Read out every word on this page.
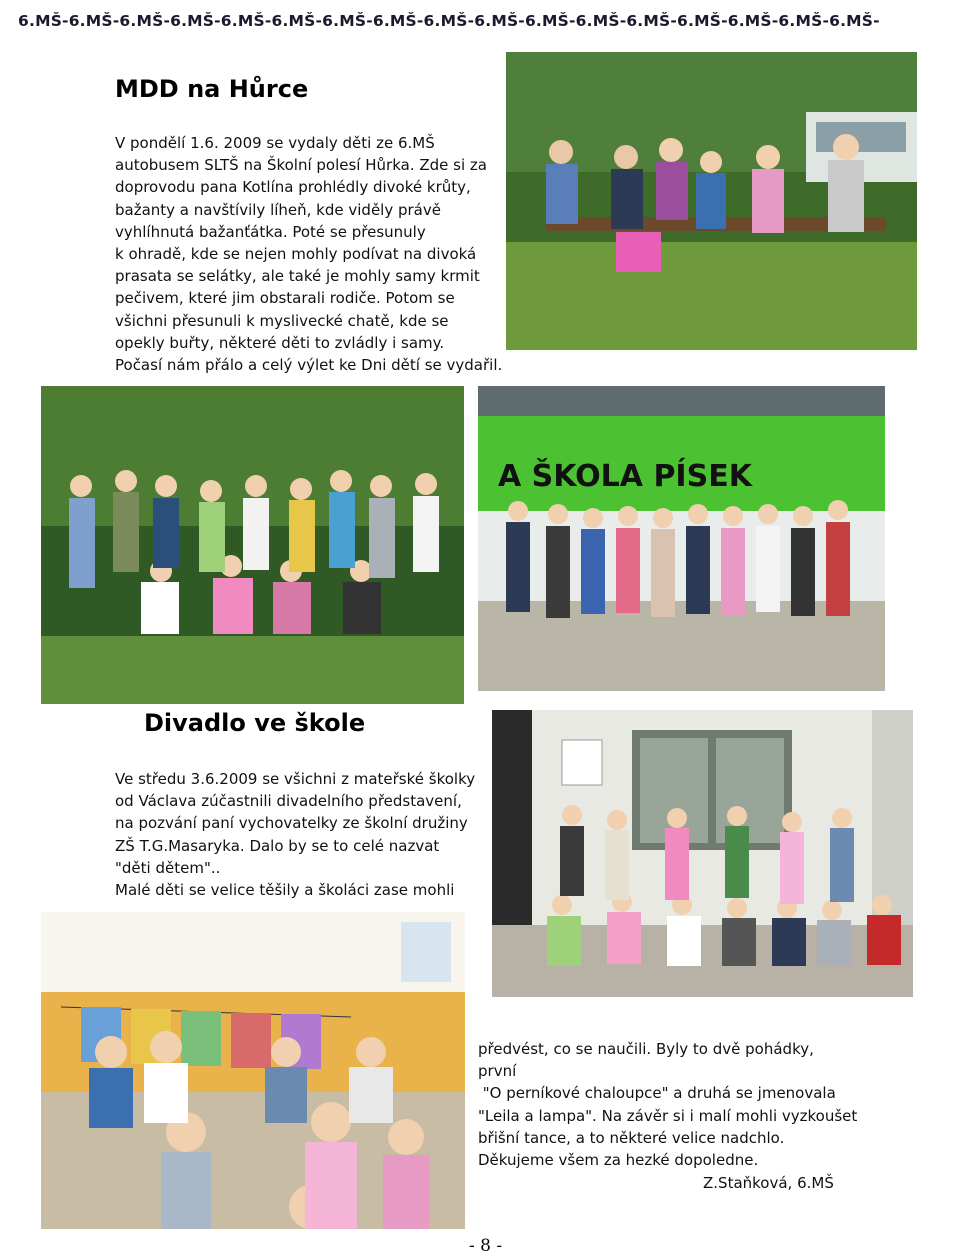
6.MŠ-6.MŠ-6.MŠ-6.MŠ-6.MŠ-6.MŠ-6.MŠ-6.MŠ-6.MŠ-6.MŠ-6.MŠ-6.MŠ-6.MŠ-6.MŠ-6.MŠ-6.MŠ-6.MŠ-
MDD na Hůrce

V pondělí 1.6. 2009 se vydaly děti ze 6.MŠ

autobusem SLTŠ na Školní polesí Hůrka. Zde si za

doprovodu pana Kotlína prohlédly divoké krůty,

bažanty a navštívily líheň, kde viděly právě

vyhlíhnutá bažanťátka. Poté se přesunuly

k ohradě, kde se nejen mohly podívat na divoká

prasata se selátky, ale také je mohly samy krmit

pečivem, které jim obstarali rodiče. Potom se

všichni přesunuli k myslivecké chatě, kde se

opekly buřty, některé děti to zvládly i samy.

Počasí nám přálo a celý výlet ke Dni dětí se vydařil.

A ŠKOLA PÍSEK
Divadlo ve škole

Ve středu 3.6.2009 se všichni z mateřské školky

od Václava zúčastnili divadelního představení,

na pozvání paní vychovatelky ze školní družiny

ZŠ T.G.Masaryka. Dalo by se to celé nazvat

"děti dětem"..

Malé děti se velice těšily a školáci zase mohli

předvést, co se naučili. Byly to dvě pohádky,

první

"O perníkové chaloupce" a druhá se jmenovala

"Leila a lampa". Na závěr si i malí mohli vyzkoušet

břišní tance, a to některé velice nadchlo.

Děkujeme všem za hezké dopoledne.

Z.Staňková, 6.MŠ
- 8 -
